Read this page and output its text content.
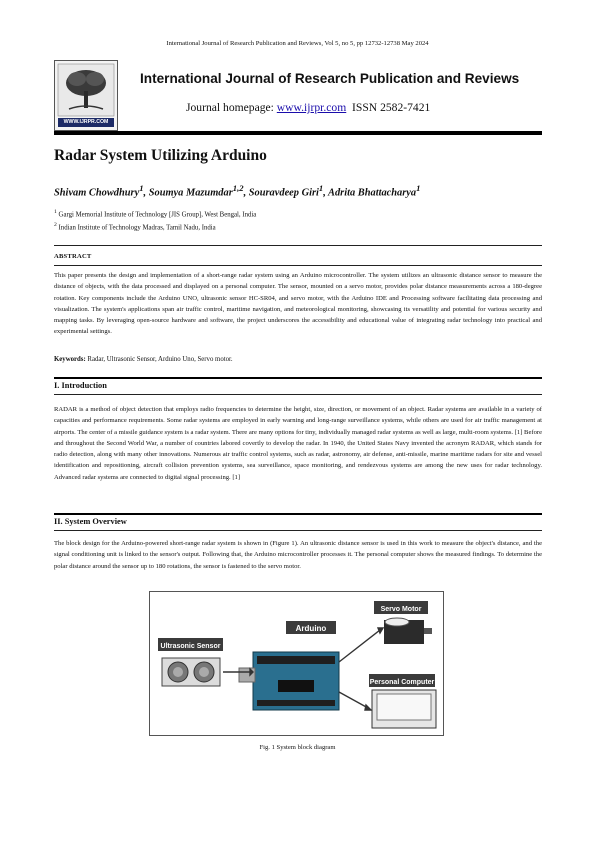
International Journal of Research Publication and Reviews, Vol 5, no 5, pp 12732-12738 May 2024
WWW.IJRPR.COM
International Journal of Research Publication and Reviews
Journal homepage: www.ijrpr.com ISSN 2582-7421
Radar System Utilizing Arduino
Shivam Chowdhury$^1$, Soumya Mazumdar$^{1,2}$, Souravdeep Giri$^1$, Adrita Bhattacharya$^1$
$^1$ Gargi Memorial Institute of Technology [JIS Group], West Bengal, India
$^2$ Indian Institute of Technology Madras, Tamil Nadu, India
ABSTRACT
This paper presents the design and implementation of a short-range radar system using an Arduino microcontroller. The system utilizes an ultrasonic distance sensor to measure the distance of objects, with the data processed and displayed on a personal computer. The sensor, mounted on a servo motor, provides polar distance measurements across a 180-degree rotation. Key components include the Arduino UNO, ultrasonic sensor HC-SR04, and servo motor, with the Arduino IDE and Processing software facilitating data processing and visualization. The system's applications span air traffic control, maritime navigation, and meteorological monitoring, showcasing its versatility and potential for various security and mapping tasks. By leveraging open-source hardware and software, the project underscores the accessibility and educational value of integrating radar technology into practical and experimental settings.
Keywords: Radar, Ultrasonic Sensor, Arduino Uno, Servo motor.
I. Introduction
RADAR is a method of object detection that employs radio frequencies to determine the height, size, direction, or movement of an object. Radar systems are available in a variety of capacities and performance requirements. Some radar systems are employed in early warning and long-range surveillance systems, while others are used for air traffic management at airports. The center of a missile guidance system is a radar system. There are many options for tiny, individually managed radar systems as well as large, multi-room systems. [1] Before and throughout the Second World War, a number of countries labored covertly to develop the radar. In 1940, the United States Navy invented the acronym RADAR, which stands for radio detection, along with many other innovations. Numerous air traffic control systems, such as radar, astronomy, air defense, anti-missile, marine maritime radars for site and vessel identification and repositioning, aircraft collision prevention systems, sea surveillance, space monitoring, and rendezvous systems are among the new uses for radar technology. Advanced radar systems are connected to digital signal processing. [1]
II. System Overview
The block design for the Arduino-powered short-range radar system is shown in (Figure 1). An ultrasonic distance sensor is used in this work to measure the object's distance, and the signal conditioning unit is linked to the sensor's output. Following that, the Arduino microcontroller processes it. The personal computer shows the measured findings. To determine the polar distance around the sensor up to 180 rotations, the sensor is fastened to the servo motor.
Arduino
Ultrasonic Sensor
Servo Motor
Personal Computer
Fig. 1 System block diagram
